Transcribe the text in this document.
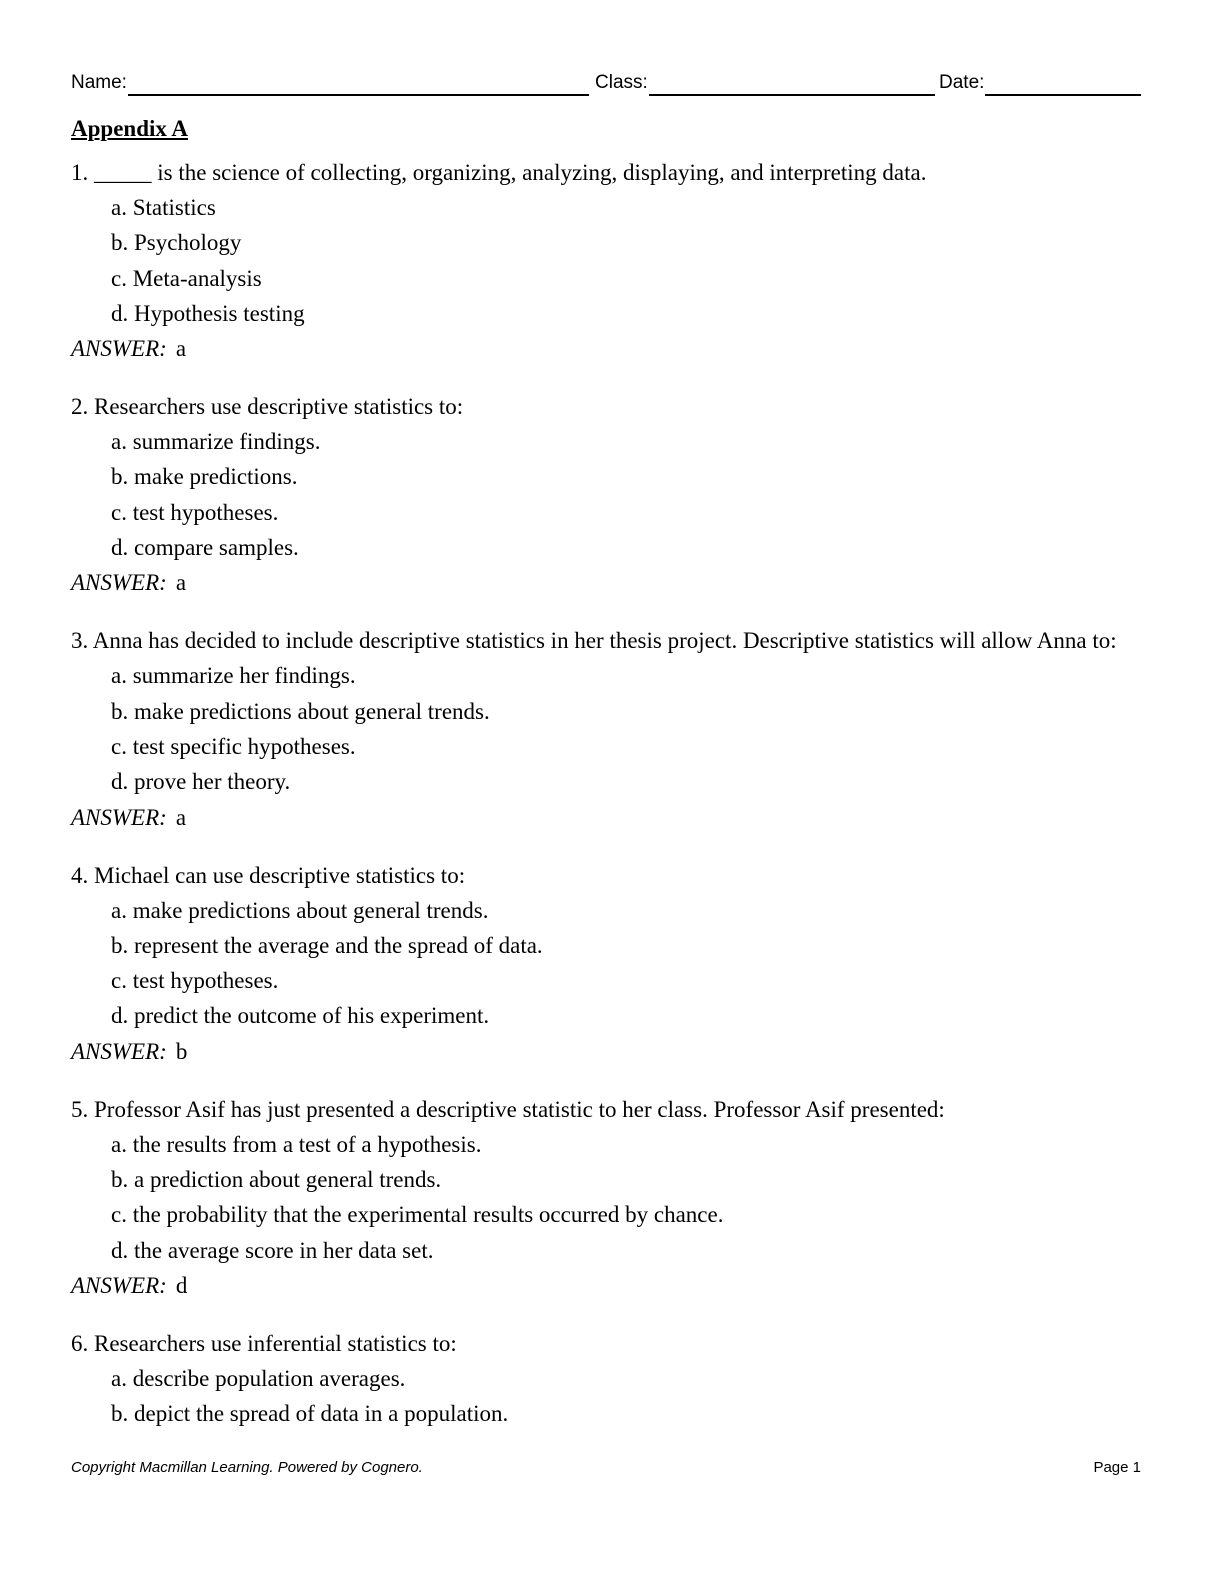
Name:	Class:	Date:
Appendix A
1. _____ is the science of collecting, organizing, analyzing, displaying, and interpreting data.
a. Statistics
b. Psychology
c. Meta-analysis
d. Hypothesis testing
ANSWER: a
2. Researchers use descriptive statistics to:
a. summarize findings.
b. make predictions.
c. test hypotheses.
d. compare samples.
ANSWER: a
3. Anna has decided to include descriptive statistics in her thesis project. Descriptive statistics will allow Anna to:
a. summarize her findings.
b. make predictions about general trends.
c. test specific hypotheses.
d. prove her theory.
ANSWER: a
4. Michael can use descriptive statistics to:
a. make predictions about general trends.
b. represent the average and the spread of data.
c. test hypotheses.
d. predict the outcome of his experiment.
ANSWER: b
5. Professor Asif has just presented a descriptive statistic to her class. Professor Asif presented:
a. the results from a test of a hypothesis.
b. a prediction about general trends.
c. the probability that the experimental results occurred by chance.
d. the average score in her data set.
ANSWER: d
6. Researchers use inferential statistics to:
a. describe population averages.
b. depict the spread of data in a population.
Copyright Macmillan Learning. Powered by Cognero.	Page 1
